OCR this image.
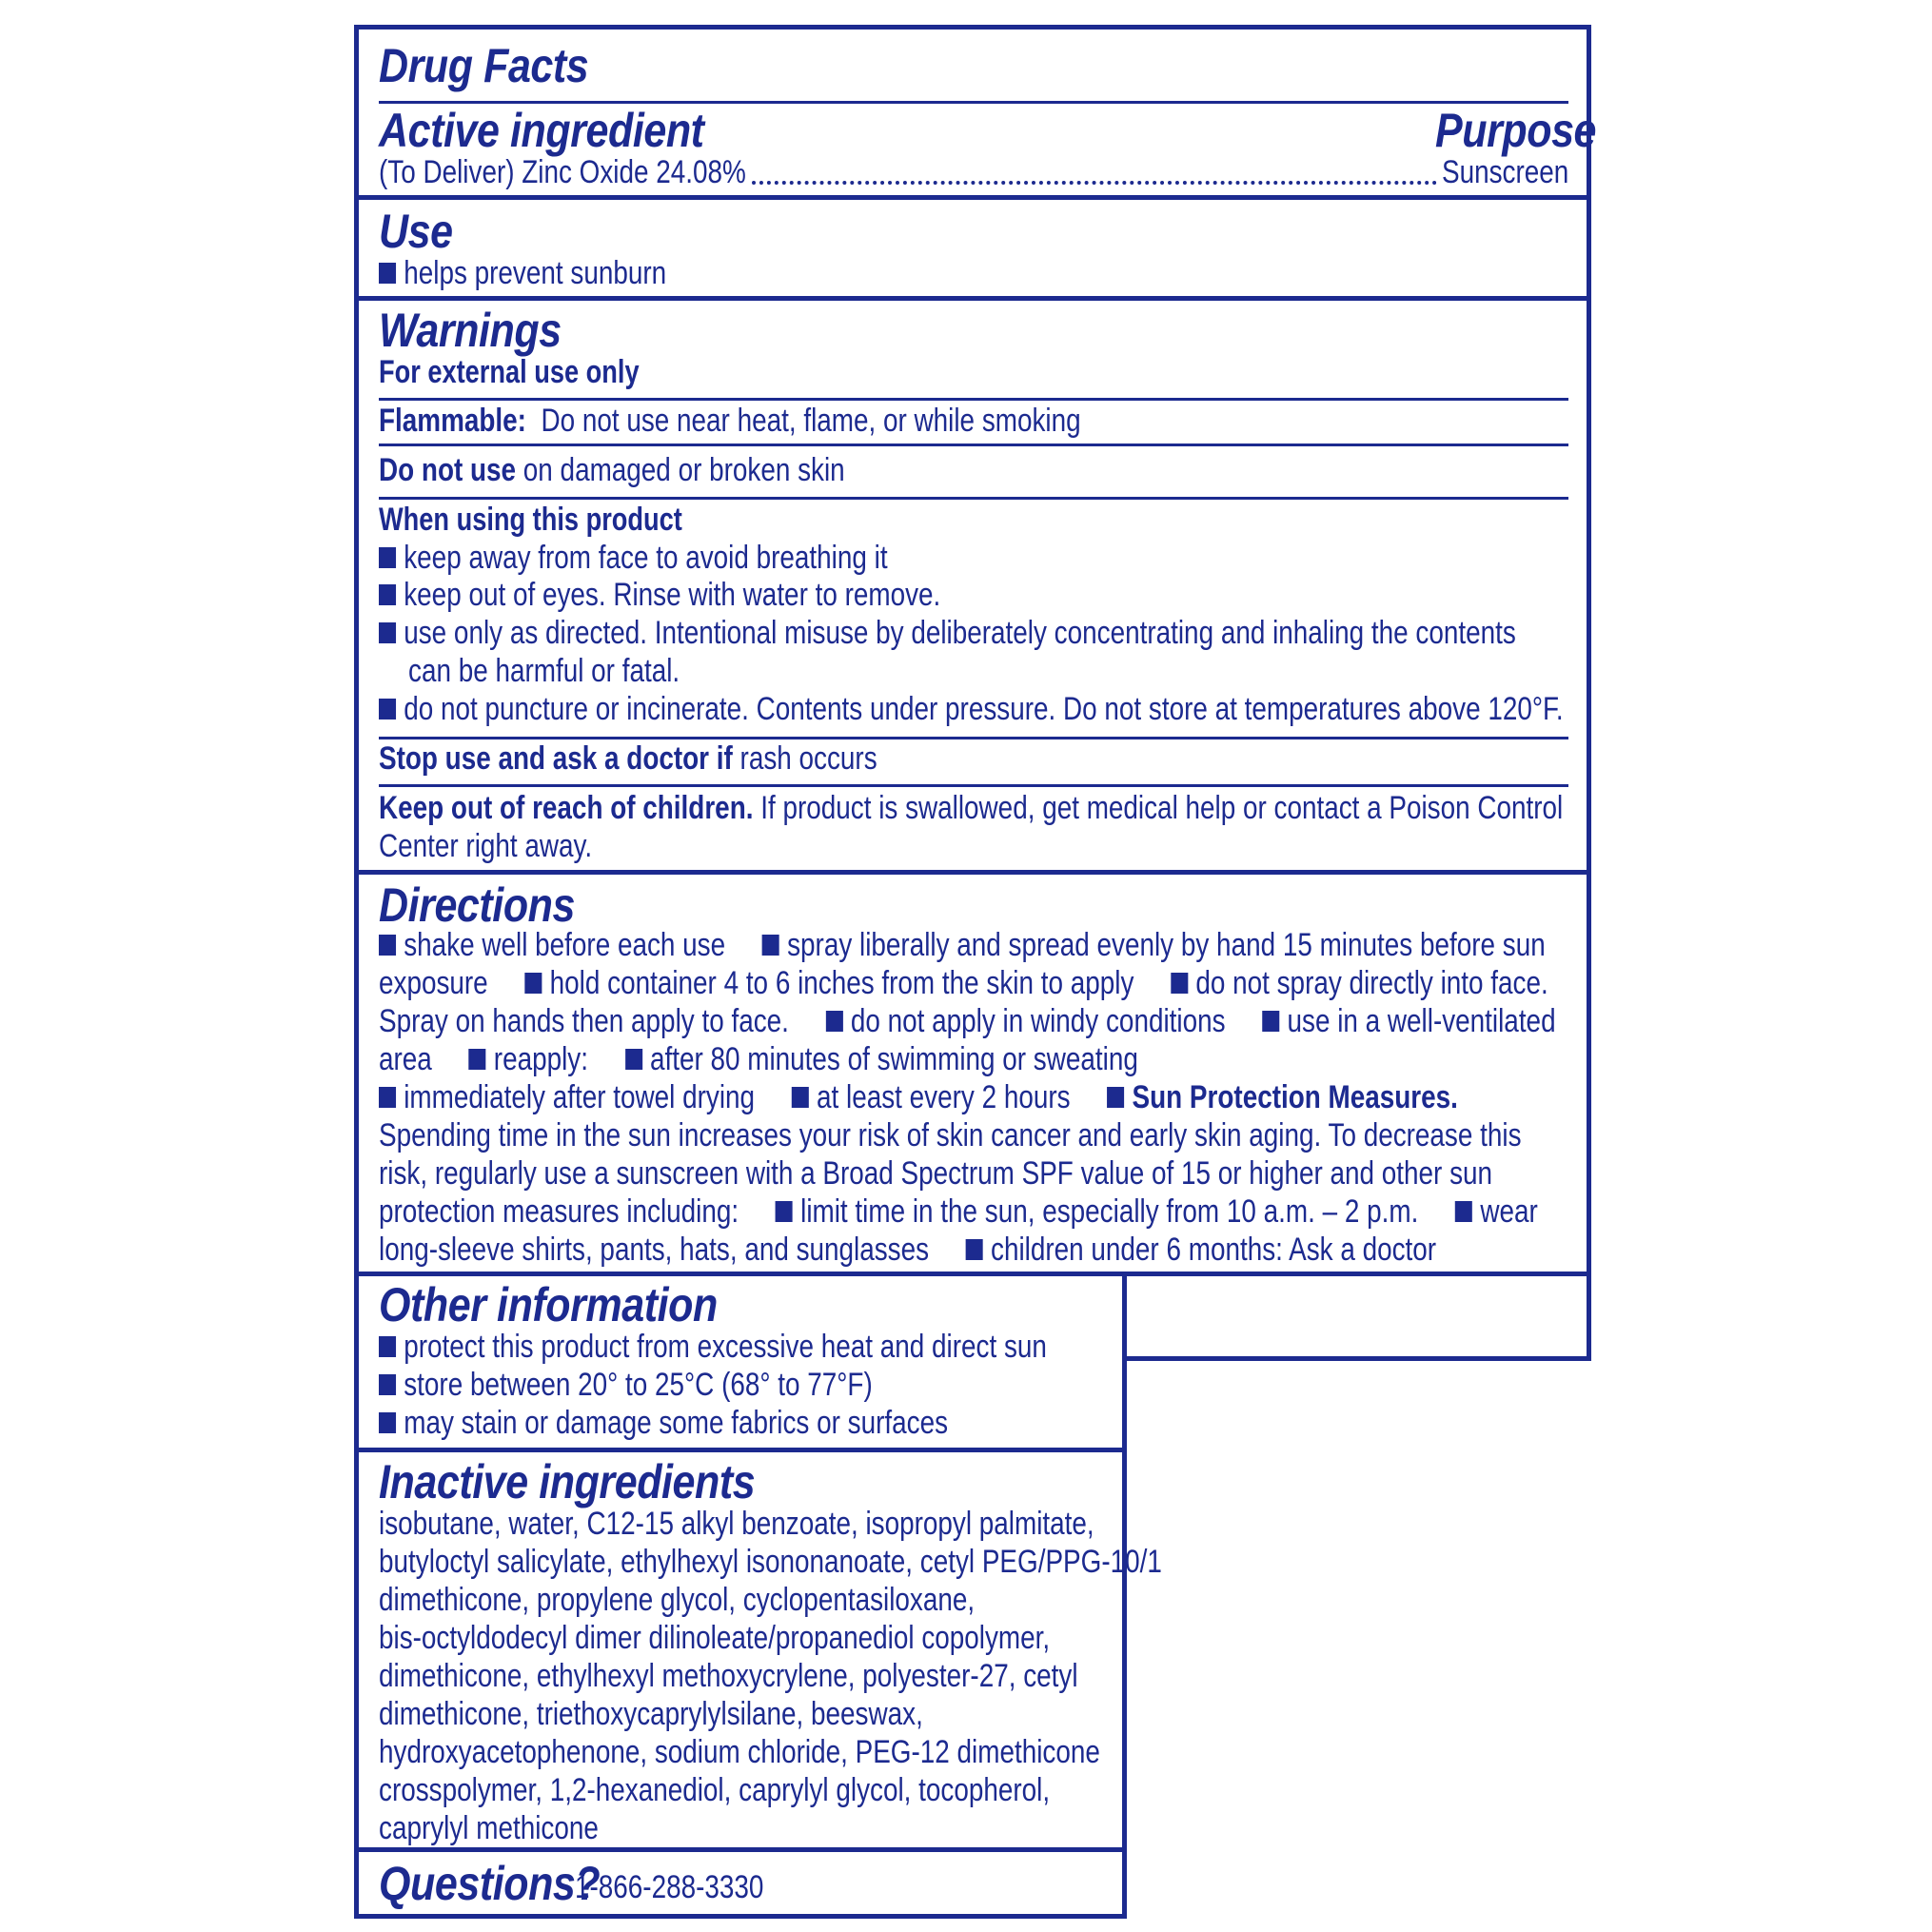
Drug Facts
Active ingredient	Purpose
(To Deliver) Zinc Oxide 24.08%	Sunscreen
Use
helps prevent sunburn
Warnings
For external use only
Flammable: Do not use near heat, flame, or while smoking
Do not use on damaged or broken skin
When using this product
keep away from face to avoid breathing it
keep out of eyes. Rinse with water to remove.
use only as directed. Intentional misuse by deliberately concentrating and inhaling the contents
can be harmful or fatal.
do not puncture or incinerate. Contents under pressure. Do not store at temperatures above 120°F.
Stop use and ask a doctor if rash occurs
Keep out of reach of children. If product is swallowed, get medical help or contact a Poison Control
Center right away.
Directions
shake well before each use spray liberally and spread evenly by hand 15 minutes before sun
exposure hold container 4 to 6 inches from the skin to apply do not spray directly into face.
Spray on hands then apply to face. do not apply in windy conditions use in a well-ventilated
area reapply: after 80 minutes of swimming or sweating
immediately after towel drying at least every 2 hours Sun Protection Measures.
Spending time in the sun increases your risk of skin cancer and early skin aging. To decrease this
risk, regularly use a sunscreen with a Broad Spectrum SPF value of 15 or higher and other sun
protection measures including: limit time in the sun, especially from 10 a.m. – 2 p.m. wear
long-sleeve shirts, pants, hats, and sunglasses children under 6 months: Ask a doctor
Other information
protect this product from excessive heat and direct sun
store between 20° to 25°C (68° to 77°F)
may stain or damage some fabrics or surfaces
Inactive ingredients
isobutane, water, C12-15 alkyl benzoate, isopropyl palmitate,
butyloctyl salicylate, ethylhexyl isononanoate, cetyl PEG/PPG-10/1
dimethicone, propylene glycol, cyclopentasiloxane,
bis-octyldodecyl dimer dilinoleate/propanediol copolymer,
dimethicone, ethylhexyl methoxycrylene, polyester-27, cetyl
dimethicone, triethoxycaprylylsilane, beeswax,
hydroxyacetophenone, sodium chloride, PEG-12 dimethicone
crosspolymer, 1,2-hexanediol, caprylyl glycol, tocopherol,
caprylyl methicone
Questions?
1-866-288-3330
